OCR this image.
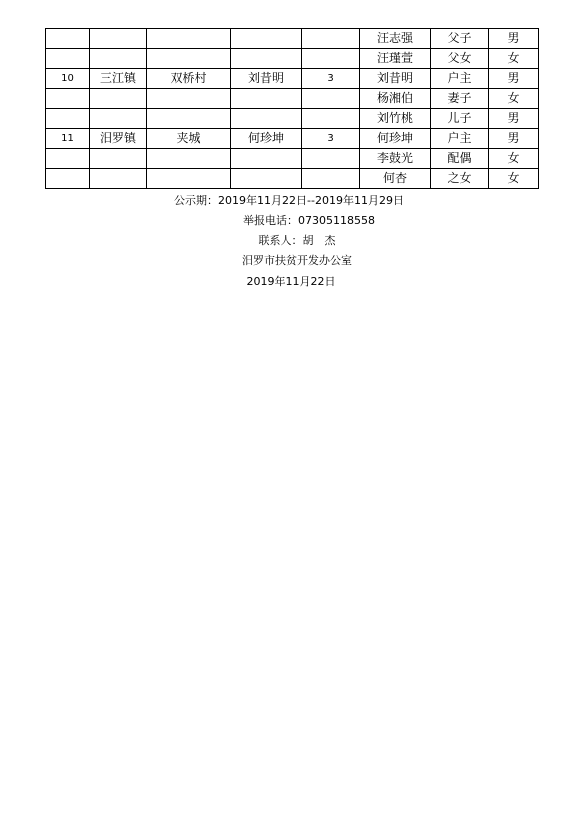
					汪志强	父子	男
					汪瑾萱	父女	女
10	三江镇	双桥村	刘昔明	3	刘昔明	户主	男
					杨湘伯	妻子	女
					刘竹桃	儿子	男
11	汨罗镇	夹城	何珍坤	3	何珍坤	户主	男
					李鼓光	配偶	女
					何杏	之女	女
公示期：2019年11月22日--2019年11月29日
举报电话：07305118558
联系人：胡　杰
汨罗市扶贫开发办公室
2019年11月22日
